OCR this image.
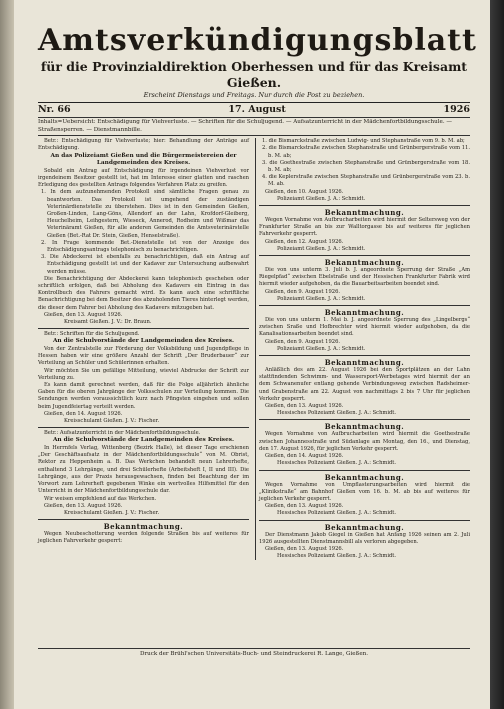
Amtsverkündigungsblatt

für die Provinzialdirektion Oberhessen und für das Kreisamt Gießen.

Erscheint Dienstags und Freitags. Nur durch die Post zu beziehen.

Nr. 66	17. August	1926

Inhalts=Uebersicht: Entschädigung für Viehverluste. — Schriften für die Schuljugend. — Aufsatzunterricht in der Mädchenfortbildungsschule. — Straßensperren. — Dienstmannbille.

Betr.: Entschädigung für Viehverluste; hier: Behandlung der Anträge auf Entschädigung.

An das Polizeiamt Gießen und die Bürgermeistereien der Landgemeinden des Kreises.

Sobald ein Antrag auf Entschädigung für irgendeinen Viehverlust vor irgendeinem Besitzer gestellt ist, hat im Interesse einer glatten und raschen Erledigung des gestellten Antrags folgendes Verfahren Platz zu greifen.

1. In dem aufzunehmenden Protokoll sind sämtliche Fragen genau zu beantworten. Das Protokoll ist umgehend der zuständigen Veterinärdienststelle zu überstehen. Dies ist in den Gemeinden Gießen, Großen-Linden, Lang-Göns, Allendorf an der Lahn, Krofdorf-Gleiberg, Heuchelheim, Leihgestern, Wieseck, Annerod, Rodheim und Wißmar das Veterinäramt Gießen, für alle anderen Gemeinden die Amtsveterinärstelle Gießen (Bet.-Rat Dr. Stein, Gießen, Henselstraße).

2. In Frage kommende Bet.-Dienststelle ist von der Anzeige des Entschädigungsantrags telephonisch zu benachrichtigen.

3. Die Abdeckerei ist ebenfalls zu benachrichtigen, daß ein Antrag auf Entschädigung gestellt ist und der Kadaver zur Untersuchung aufbewahrt werden müsse.

Die Benachrichtigung der Abdeckerei kann telephonisch geschehen oder schriftlich erfolgen, daß bei Abholung des Kadavers ein Eintrag in das Kontrollbuch des Fahrers gemacht wird. Es kann auch eine schriftliche Benachrichtigung bei dem Besitzer des abzuholenden Tieres hinterlegt werden, die dieser dem Fahrer bei Abholung des Kadavers mitzugeben hat.

Gießen, den 13. August 1926.

Kreisamt Gießen. J. V.: Dr. Braun.

Betr.: Schriften für die Schuljugend.

An die Schulvorstände der Landgemeinden des Kreises.

Von der Zentralstelle zur Förderung der Volksbildung und Jugendpflege in Hessen haben wir eine größere Anzahl der Schrift „Der Bruderbauer“ zur Verteilung an Schüler und Schülerinnen erhalten.

Wir möchten Sie um gefällige Mitteilung, wieviel Abdrucke der Schrift zur Verteilung zu.

Es kann damit gerechnet werden, daß für die Folge alljährlich ähnliche Gaben für die oberen Jahrgänge der Volksschulen zur Verteilung kommen. Die Sendungen werden voraussichtlich kurz nach Pfingsten eingehen und sollen beim Jugendfeiertag verteilt werden.

Gießen, den 14. August 1926.

Kreisschulamt Gießen. J. V.: Fischer.

Betr.: Aufsatzunterricht in der Mädchenfortbildungsschule.

An die Schulvorstände der Landgemeinden des Kreises.

In Herrnfels Verlag, Wittenberg (Bezirk Halle), ist dieser Tage erschienen „Der Geschäftsaufsatz in der Mädchenfortbildungsschule“ von M. Obrist, Rektor zu Heppenheim a. B. Das Werkchen behandelt neun Lehrerhefte, enthaltend 3 Lehrgänge, und drei Schülerhefte (Arbeitsheft I, II und III). Die Lehrgänge, aus der Praxis herausgewachsen, finden bei Beachtung der im Vorwort zum Lehrerheft gegebenen Winke ein wertvolles Hilfsmittel für den Unterricht in der Mädchenfortbildungsschule dar.

Wir weisen empfehlend auf das Werkchen.

Gießen, den 13. August 1926.

Kreisschulamt Gießen. J. V.: Fischer.

Bekanntmachung.

Wegen Neubeschotterung werden folgende Straßen bis auf weiteres für jeglichen Fahrverkehr gesperrt:

1. die Bismarckstraße zwischen Ludwig- und Stephanstraße vom 9. b. M. ab;

2. die Bismarckstraße zwischen Stephanstraße und Grünbergerstraße vom 11. b. M. ab;

3. die Goethestraße zwischen Stephanstraße und Grünbergerstraße vom 18. b. M. ab;

4. die Keplerstraße zwischen Stephanstraße und Grünbergerstraße vom 23. b. M. ab.

Gießen, den 10. August 1926.

Polizeiamt Gießen. J. A.: Schmidt.

Bekanntmachung.

Wegen Vornahme von Aufbrucharbeiten wird hiermit der Seltersweg von der Frankfurter Straße an bis zur Walltorgasse bis auf weiteres für jeglichen Fahrverkehr gesperrt.

Gießen, den 12. August 1926.

Polizeiamt Gießen. J. A.: Schmidt.

Bekanntmachung.

Die von uns unterm 3. Juli b. J. angeordnete Sperrung der Straße „Am Riegelpfad“ zwischen Ebelstraße und der Hessischen Frankfurter Fabrik wird hiermit wieder aufgehoben, da die Bauarbeitsarbeiten beendet sind.

Gießen, den 9. August 1926.

Polizeiamt Gießen. J. A.: Schmidt.

Bekanntmachung.

Die von uns unterm 1. Mai b. J. angeordnete Sperrung des „Lingelbergs“ zwischen Sraße und Hofbrechter wird hiermit wieder aufgehoben, da die Kanalisationsarbeiten beendet sind.

Gießen, den 9. August 1926.

Polizeiamt Gießen. J. A.: Schmidt.

Bekanntmachung.

Anläßlich des am 22. August 1926 bei den Sportplätzen an der Lahn stattfindenden Schwimm- und Wassersport-Werbetages wird hiermit der an dem Schwanenufer entlang gehende Verbindungsweg zwischen Radsheimer- und Grabenstraße am 22. August von nachmittags 2 bis 7 Uhr für jeglichen Verkehr gesperrt.

Gießen, den 13. August 1926.

Hessisches Polizeiamt Gießen. J. A.: Schmidt.

Bekanntmachung.

Wegen Vornahme von Aufbrucharbeiten wird hiermit die Goethestraße zwischen Johannesstraße und Südanlage am Montag, den 16., und Dienstag, den 17. August 1926, für jeglichen Verkehr gesperrt.

Gießen, den 14. August 1926.

Hessisches Polizeiamt Gießen. J. A.: Schmidt.

Bekanntmachung.

Wegen Vornahme von Umpflasterungsarbeiten wird hiermit die „Klinikstraße“ am Bahnhof Gießen vom 16. b. M. ab bis auf weiteres für jeglichen Verkehr gesperrt.

Gießen, den 13. August 1926.

Hessisches Polizeiamt Gießen. J. A.: Schmidt.

Bekanntmachung.

Der Dienstmann Jakob Giegel in Gießen hat Anfang 1926 seinen am 2. Juli 1926 ausgestellten Dienstmannsbill als verloren abgegeben.

Gießen, den 13. August 1926.

Hessisches Polizeiamt Gießen. J. A.: Schmidt.

Druck der Brühl'schen Universitäts-Buch- und Steindruckerei R. Lange, Gießen.
